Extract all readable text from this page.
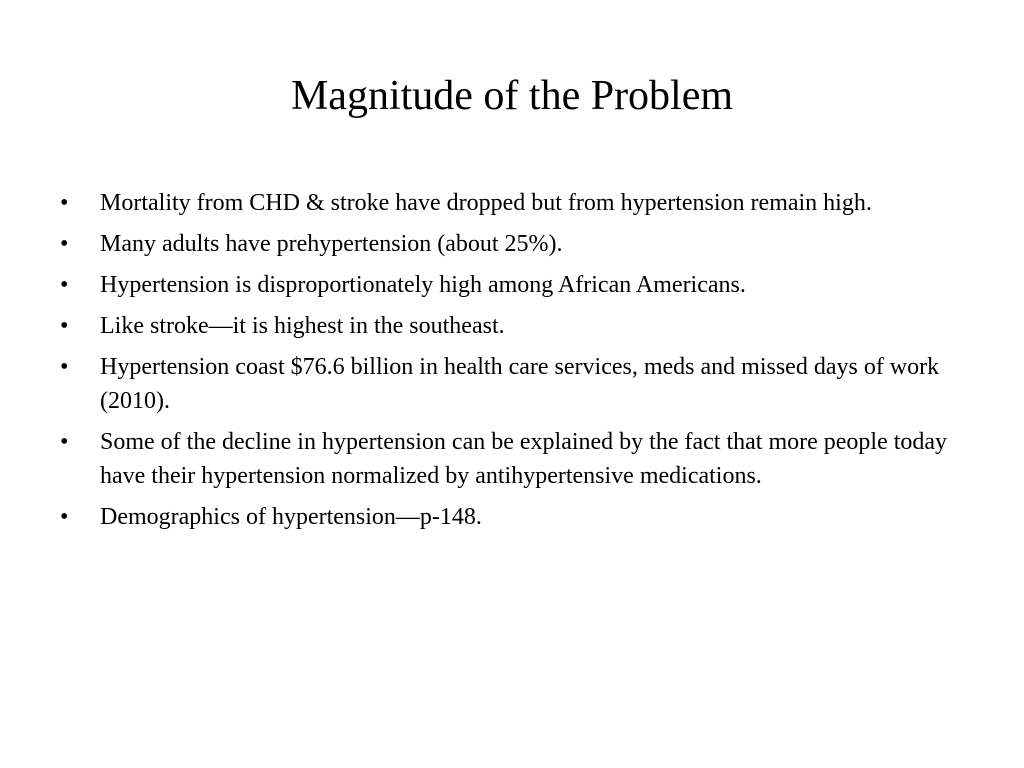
Magnitude of the Problem
•	Mortality from CHD & stroke have dropped but from hypertension remain high.
•	Many adults have prehypertension (about 25%).
•	Hypertension is disproportionately high among African Americans.
•	Like stroke—it is highest in the southeast.
•	Hypertension coast $76.6 billion in health care services, meds and missed days of work (2010).
•	Some of the decline in hypertension can be explained by the fact that more people today have their hypertension normalized by antihypertensive medications.
•	Demographics of hypertension—p-148.
